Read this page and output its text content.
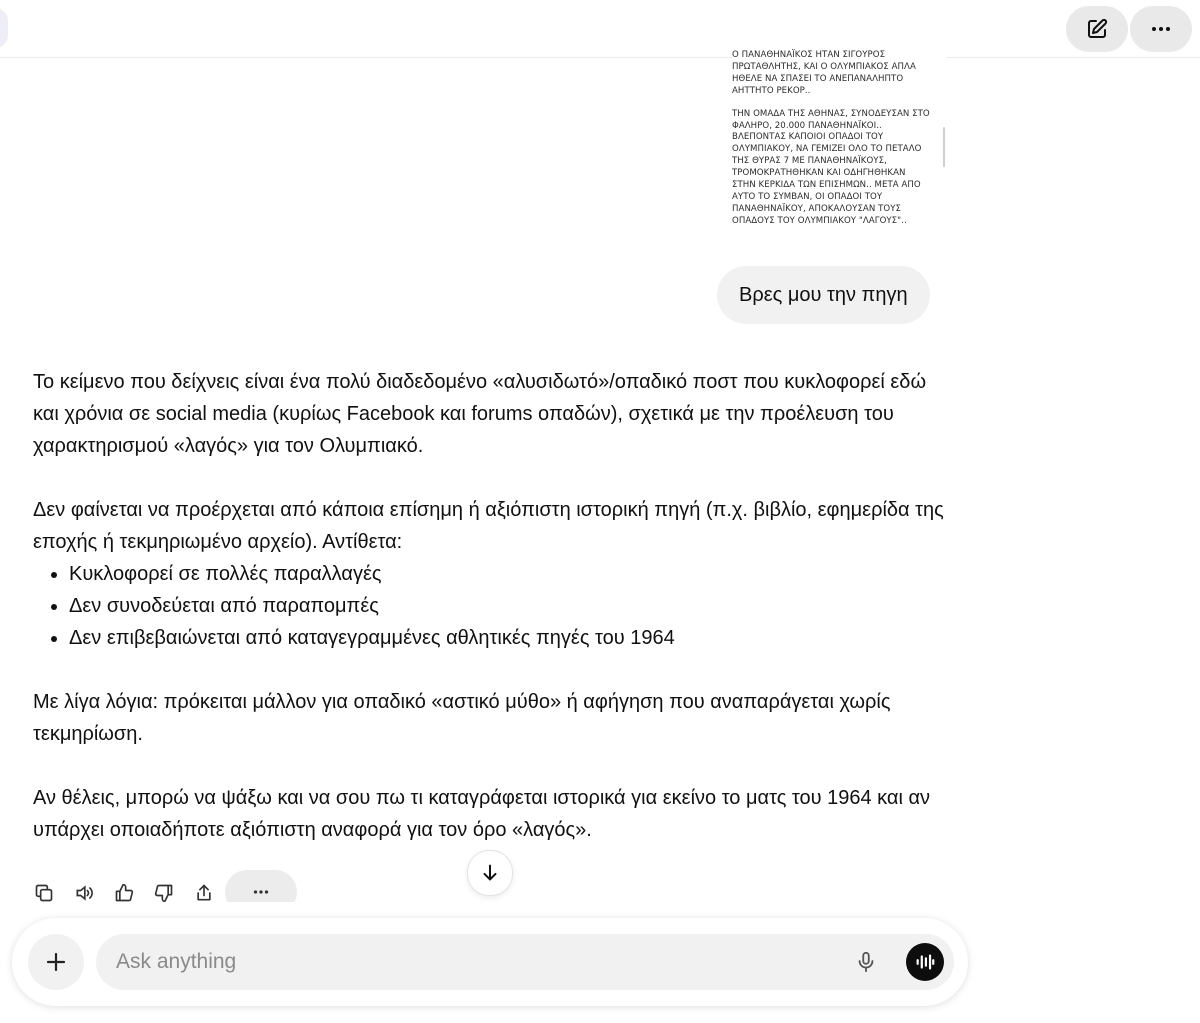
Ο ΠΑΝΑΘΗΝΑΪΚΟΣ ΗΤΑΝ ΣΙΓΟΥΡΟΣ
ΠΡΩΤΑΘΛΗΤΗΣ, ΚΑΙ Ο ΟΛΥΜΠΙΑΚΟΣ ΑΠΛΑ
ΗΘΕΛΕ ΝΑ ΣΠΑΣΕΙ ΤΟ ΑΝΕΠΑΝΑΛΗΠΤΟ
ΑΗΤΤΗΤΟ ΡΕΚΟΡ..
ΤΗΝ ΟΜΑΔΑ ΤΗΣ ΑΘΗΝΑΣ, ΣΥΝΟΔΕΥΣΑΝ ΣΤΟ
ΦΑΛΗΡΟ, 20.000 ΠΑΝΑΘΗΝΑΪΚΟΙ..
ΒΛΕΠΟΝΤΑΣ ΚΑΠΟΙΟΙ ΟΠΑΔΟΙ ΤΟΥ
ΟΛΥΜΠΙΑΚΟΥ, ΝΑ ΓΕΜΙΖΕΙ ΟΛΟ ΤΟ ΠΕΤΑΛΟ
ΤΗΣ ΘΥΡΑΣ 7 ΜΕ ΠΑΝΑΘΗΝΑΪΚΟΥΣ,
ΤΡΟΜΟΚΡΑΤΗΘΗΚΑΝ ΚΑΙ ΟΔΗΓΗΘΗΚΑΝ
ΣΤΗΝ ΚΕΡΚΙΔΑ ΤΩΝ ΕΠΙΣΗΜΩΝ.. ΜΕΤΑ ΑΠΟ
ΑΥΤΟ ΤΟ ΣΥΜΒΑΝ, ΟΙ ΟΠΑΔΟΙ ΤΟΥ
ΠΑΝΑΘΗΝΑΪΚΟΥ, ΑΠΟΚΑΛΟΥΣΑΝ ΤΟΥΣ
ΟΠΑΔΟΥΣ ΤΟΥ ΟΛΥΜΠΙΑΚΟΥ "ΛΑΓΟΥΣ"..
Βρες μου την πηγη

Το κείμενο που δείχνεις είναι ένα πολύ διαδεδομένο «αλυσιδωτό»/οπαδικό ποστ που κυκλοφορεί εδώ και χρόνια σε social media (κυρίως Facebook και forums οπαδών), σχετικά με την προέλευση του χαρακτηρισμού «λαγός» για τον Ολυμπιακό.

Δεν φαίνεται να προέρχεται από κάποια επίσημη ή αξιόπιστη ιστορική πηγή (π.χ. βιβλίο, εφημερίδα της εποχής ή τεκμηριωμένο αρχείο). Αντίθετα:

• Κυκλοφορεί σε πολλές παραλλαγές
• Δεν συνοδεύεται από παραπομπές
• Δεν επιβεβαιώνεται από καταγεγραμμένες αθλητικές πηγές του 1964

Με λίγα λόγια: πρόκειται μάλλον για οπαδικό «αστικό μύθο» ή αφήγηση που αναπαράγεται χωρίς τεκμηρίωση.

Αν θέλεις, μπορώ να ψάξω και να σου πω τι καταγράφεται ιστορικά για εκείνο το ματς του 1964 και αν υπάρχει οποιαδήποτε αξιόπιστη αναφορά για τον όρο «λαγός».

Ask anything
